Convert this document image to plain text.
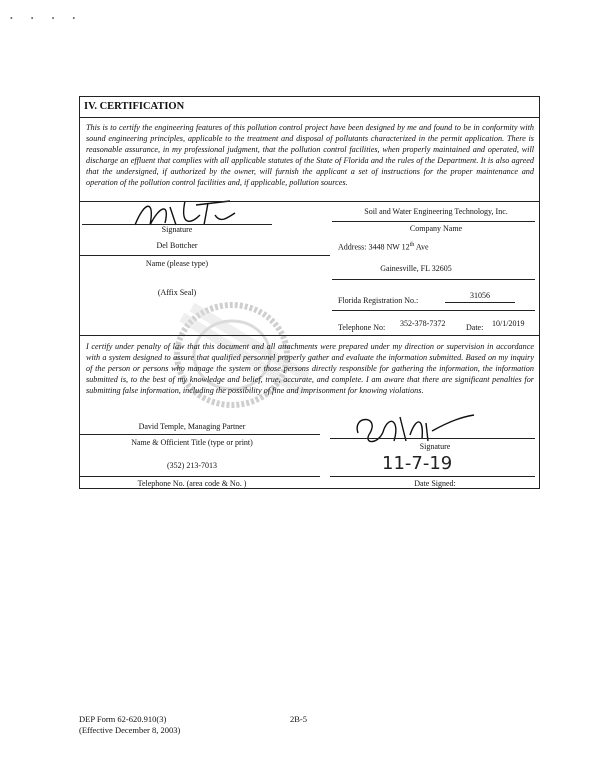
• • • •
IV. CERTIFICATION
This is to certify the engineering features of this pollution control project have been designed by me and found to be in conformity with sound engineering principles, applicable to the treatment and disposal of pollutants characterized in the permit application. There is reasonable assurance, in my professional judgment, that the pollution control facilities, when properly maintained and operated, will discharge an effluent that complies with all applicable statutes of the State of Florida and the rules of the Department. It is also agreed that the undersigned, if authorized by the owner, will furnish the applicant a set of instructions for the proper maintenance and operation of the pollution control facilities and, if applicable, pollution sources.
Signature
Del Bottcher
Name (please type)
(Affix Seal)
Soil and Water Engineering Technology, Inc.
Company Name
Address: 3448 NW 12th Ave
Gainesville, FL 32605
Florida Registration No.:
31056
Telephone No: 352-378-7372	Date: 10/1/2019
I certify under penalty of law that this document and all attachments were prepared under my direction or supervision in accordance with a system designed to assure that qualified personnel properly gather and evaluate the information submitted. Based on my inquiry of the person or persons who manage the system or those persons directly responsible for gathering the information, the information submitted is, to the best of my knowledge and belief, true, accurate, and complete. I am aware that there are significant penalties for submitting false information, including the possibility of fine and imprisonment for knowing violations.
David Temple, Managing Partner
Name & Officient Title (type or print)	Signature
(352) 213-7013
Telephone No. (area code & No. )
11-7-19
Date Signed:
DEP Form 62-620.910(3)
(Effective December 8, 2003)
2B-5
